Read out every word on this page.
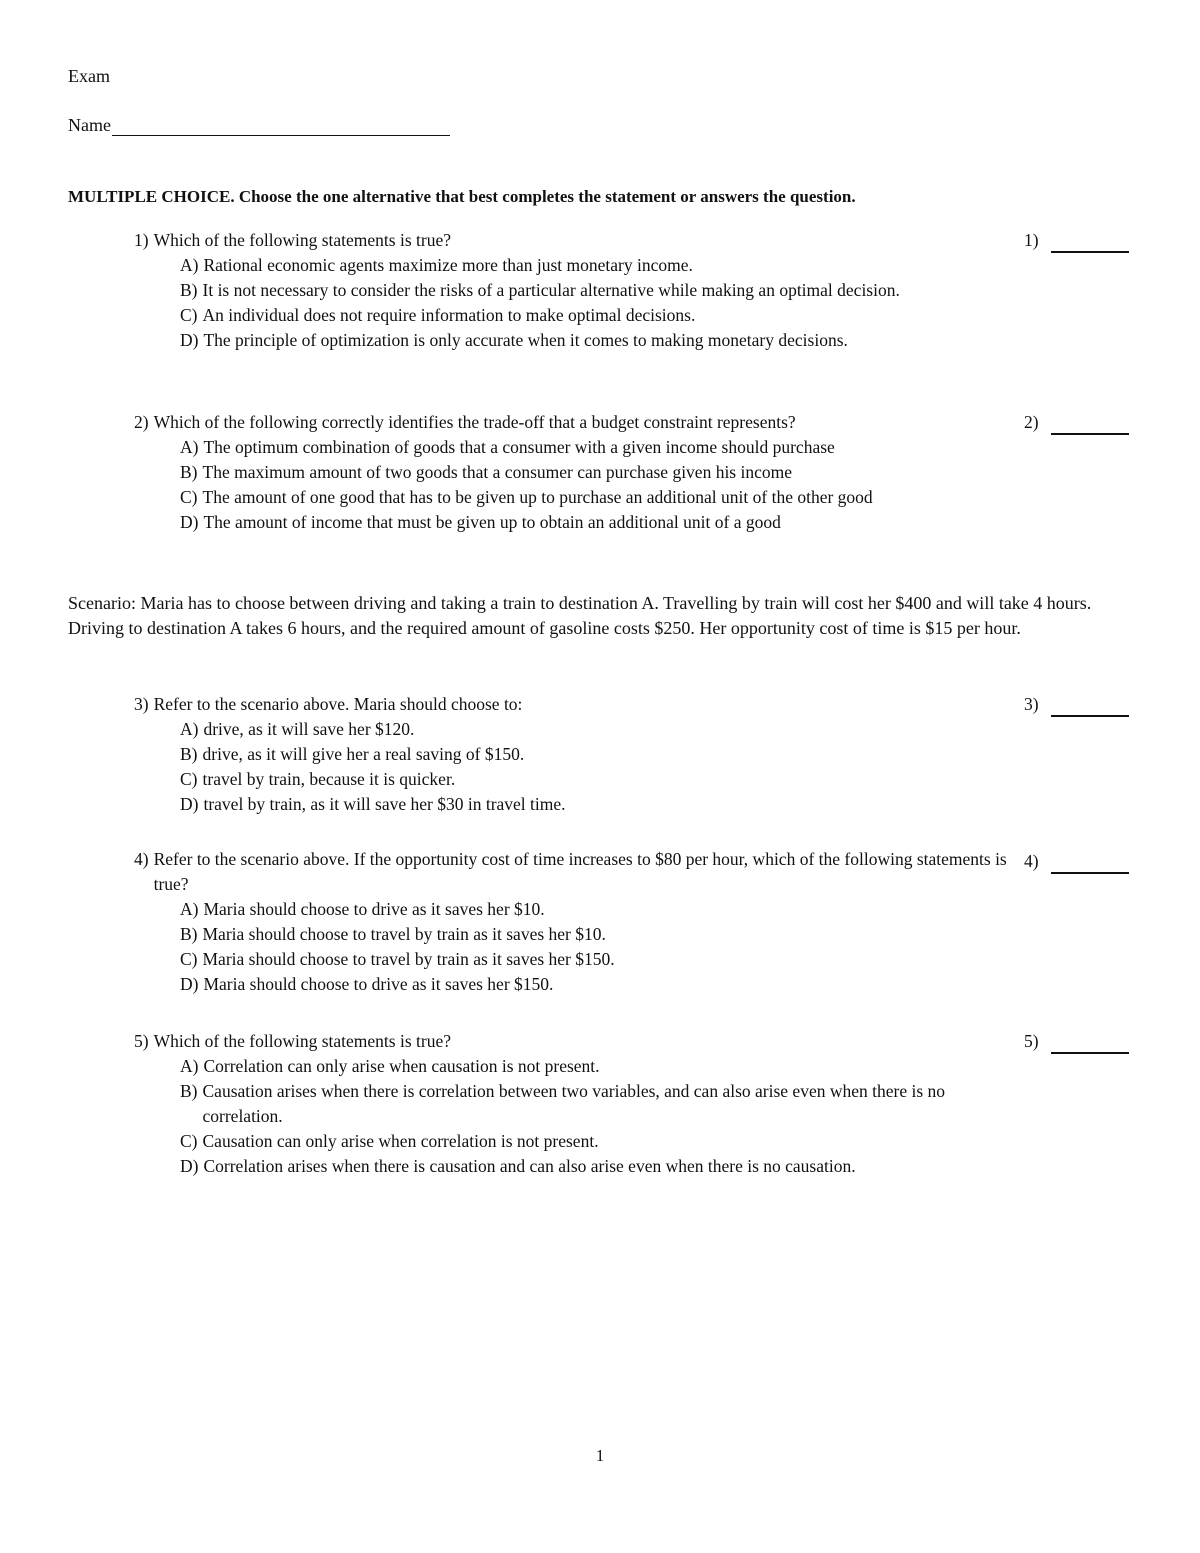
Exam
Name
MULTIPLE CHOICE. Choose the one alternative that best completes the statement or answers the question.
1) Which of the following statements is true?
A) Rational economic agents maximize more than just monetary income.
B) It is not necessary to consider the risks of a particular alternative while making an optimal decision.
C) An individual does not require information to make optimal decisions.
D) The principle of optimization is only accurate when it comes to making monetary decisions.
1)
2) Which of the following correctly identifies the trade-off that a budget constraint represents?
A) The optimum combination of goods that a consumer with a given income should purchase
B) The maximum amount of two goods that a consumer can purchase given his income
C) The amount of one good that has to be given up to purchase an additional unit of the other good
D) The amount of income that must be given up to obtain an additional unit of a good
2)
Scenario: Maria has to choose between driving and taking a train to destination A. Travelling by train will cost her $400 and will take 4 hours. Driving to destination A takes 6 hours, and the required amount of gasoline costs $250. Her opportunity cost of time is $15 per hour.
3) Refer to the scenario above. Maria should choose to:
A) drive, as it will save her $120.
B) drive, as it will give her a real saving of $150.
C) travel by train, because it is quicker.
D) travel by train, as it will save her $30 in travel time.
3)
4) Refer to the scenario above. If the opportunity cost of time increases to $80 per hour, which of the following statements is true?
A) Maria should choose to drive as it saves her $10.
B) Maria should choose to travel by train as it saves her $10.
C) Maria should choose to travel by train as it saves her $150.
D) Maria should choose to drive as it saves her $150.
4)
5) Which of the following statements is true?
A) Correlation can only arise when causation is not present.
B) Causation arises when there is correlation between two variables, and can also arise even when there is no correlation.
C) Causation can only arise when correlation is not present.
D) Correlation arises when there is causation and can also arise even when there is no causation.
5)
1
